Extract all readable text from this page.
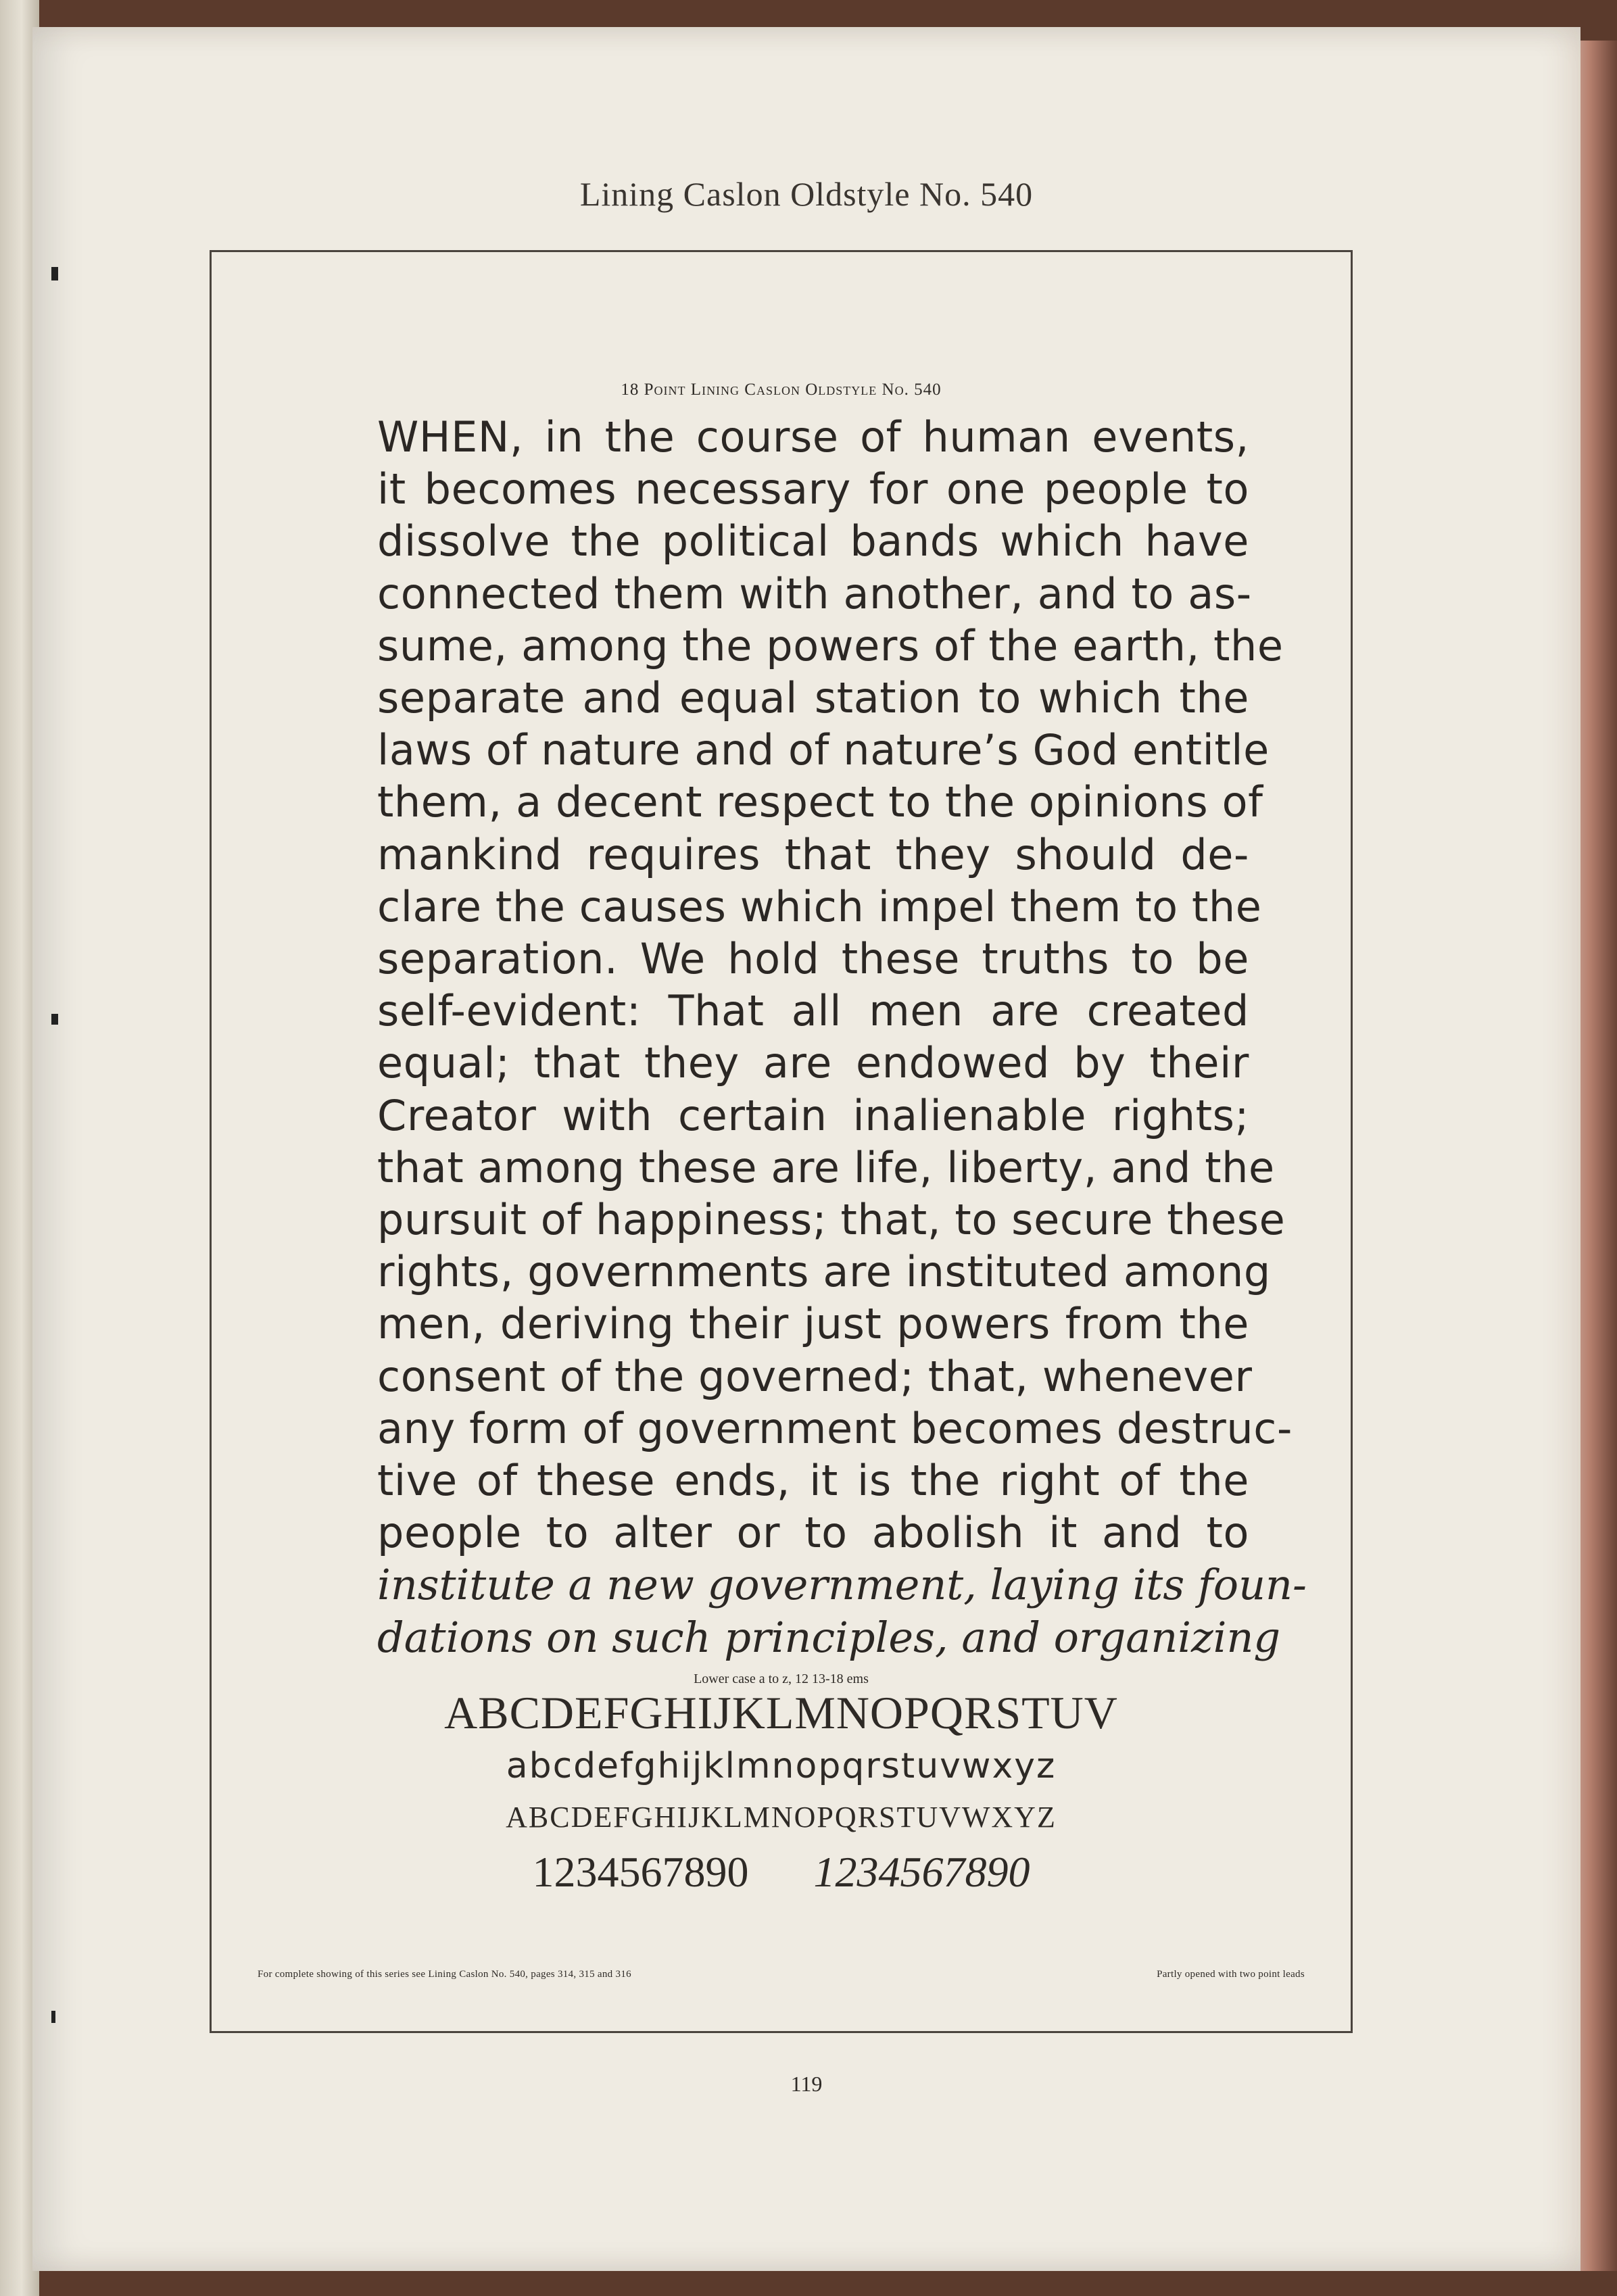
Lining Caslon Oldstyle No. 540
18 Point Lining Caslon Oldstyle No. 540
WHEN, in the course of human events,
it becomes necessary for one people to
dissolve the political bands which have
connected them with another, and to as-
sume, among the powers of the earth, the
separate and equal station to which the
laws of nature and of nature’s God entitle
them, a decent respect to the opinions of
mankind requires that they should de-
clare the causes which impel them to the
separation. We hold these truths to be
self-evident: That all men are created
equal; that they are endowed by their
Creator with certain inalienable rights;
that among these are life, liberty, and the
pursuit of happiness; that, to secure these
rights, governments are instituted among
men, deriving their just powers from the
consent of the governed; that, whenever
any form of government becomes destruc-
tive of these ends, it is the right of the
people to alter or to abolish it and to
institute a new government, laying its foun-
dations on such principles, and organizing
Lower case a to z, 12 13-18 ems
ABCDEFGHIJKLMNOPQRSTUV
abcdefghijklmnopqrstuvwxyz
ABCDEFGHIJKLMNOPQRSTUVWXYZ
1234567890 1234567890
For complete showing of this series see Lining Caslon No. 540, pages 314, 315 and 316	Partly opened with two point leads
119
